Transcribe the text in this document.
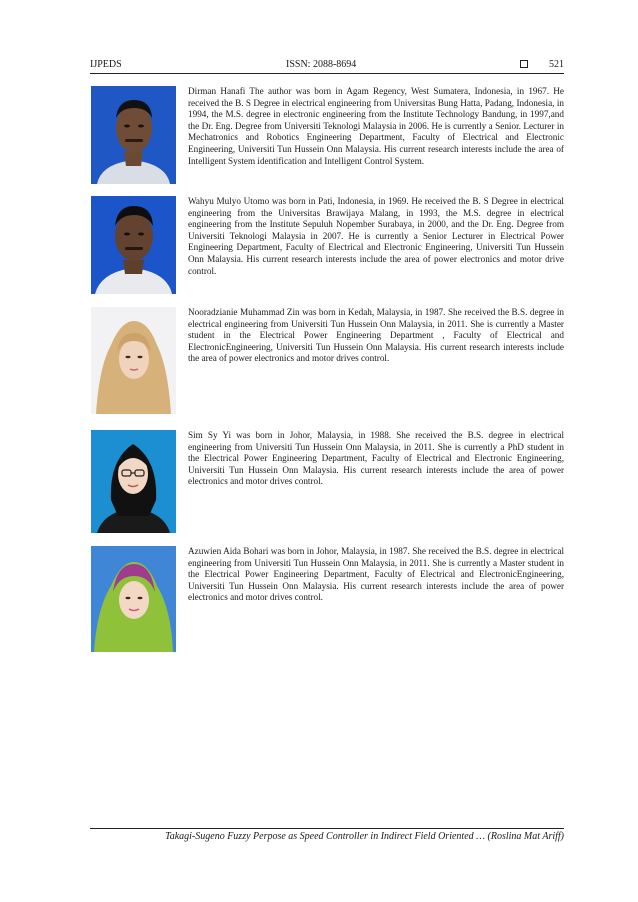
IJPEDS	ISSN: 2088-8694	521

Dirman Hanafi The author was born in Agam Regency, West Sumatera, Indonesia, in 1967. He received the B. S Degree in electrical engineering from Universitas Bung Hatta, Padang, Indonesia, in 1994, the M.S. degree in electronic engineering from the Institute Technology Bandung, in 1997,and the Dr. Eng. Degree from Universiti Teknologi Malaysia in 2006. He is currently a Senior. Lecturer in Mechatronics and Robotics Engineering Department, Faculty of Electrical and Electronic Engineering, Universiti Tun Hussein Onn Malaysia. His current research interests include the area of Intelligent System identification and Intelligent Control System.

Wahyu Mulyo Utomo was born in Pati, Indonesia, in 1969. He received the B. S Degree in electrical engineering from the Universitas Brawijaya Malang, in 1993, the M.S. degree in electrical engineering from the Institute Sepuluh Nopember Surabaya, in 2000, and the Dr. Eng. Degree from Universiti Teknologi Malaysia in 2007. He is currently a Senior Lecturer in Electrical Power Engineering Department, Faculty of Electrical and Electronic Engineering, Universiti Tun Hussein Onn Malaysia. His current research interests include the area of power electronics and motor drive control.

Nooradzianie Muhammad Zin was born in Kedah, Malaysia, in 1987. She received the B.S. degree in electrical engineering from Universiti Tun Hussein Onn Malaysia, in 2011. She is currently a Master student in the Electrical Power Engineering Department , Faculty of Electrical and ElectronicEngineering, Universiti Tun Hussein Onn Malaysia. His current research interests include the area of power electronics and motor drives control.

Sim Sy Yi was born in Johor, Malaysia, in 1988. She received the B.S. degree in electrical engineering from Universiti Tun Hussein Onn Malaysia, in 2011. She is currently a PhD student in the Electrical Power Engineering Department, Faculty of Electrical and Electronic Engineering, Universiti Tun Hussein Onn Malaysia. His current research interests include the area of power electronics and motor drives control.

Azuwien Aida Bohari was born in Johor, Malaysia, in 1987. She received the B.S. degree in electrical engineering from Universiti Tun Hussein Onn Malaysia, in 2011. She is currently a Master student in the Electrical Power Engineering Department, Faculty of Electrical and ElectronicEngineering, Universiti Tun Hussein Onn Malaysia. His current research interests include the area of power electronics and motor drives control.

Takagi-Sugeno Fuzzy Perpose as Speed Controller in Indirect Field Oriented … (Roslina Mat Ariff)
